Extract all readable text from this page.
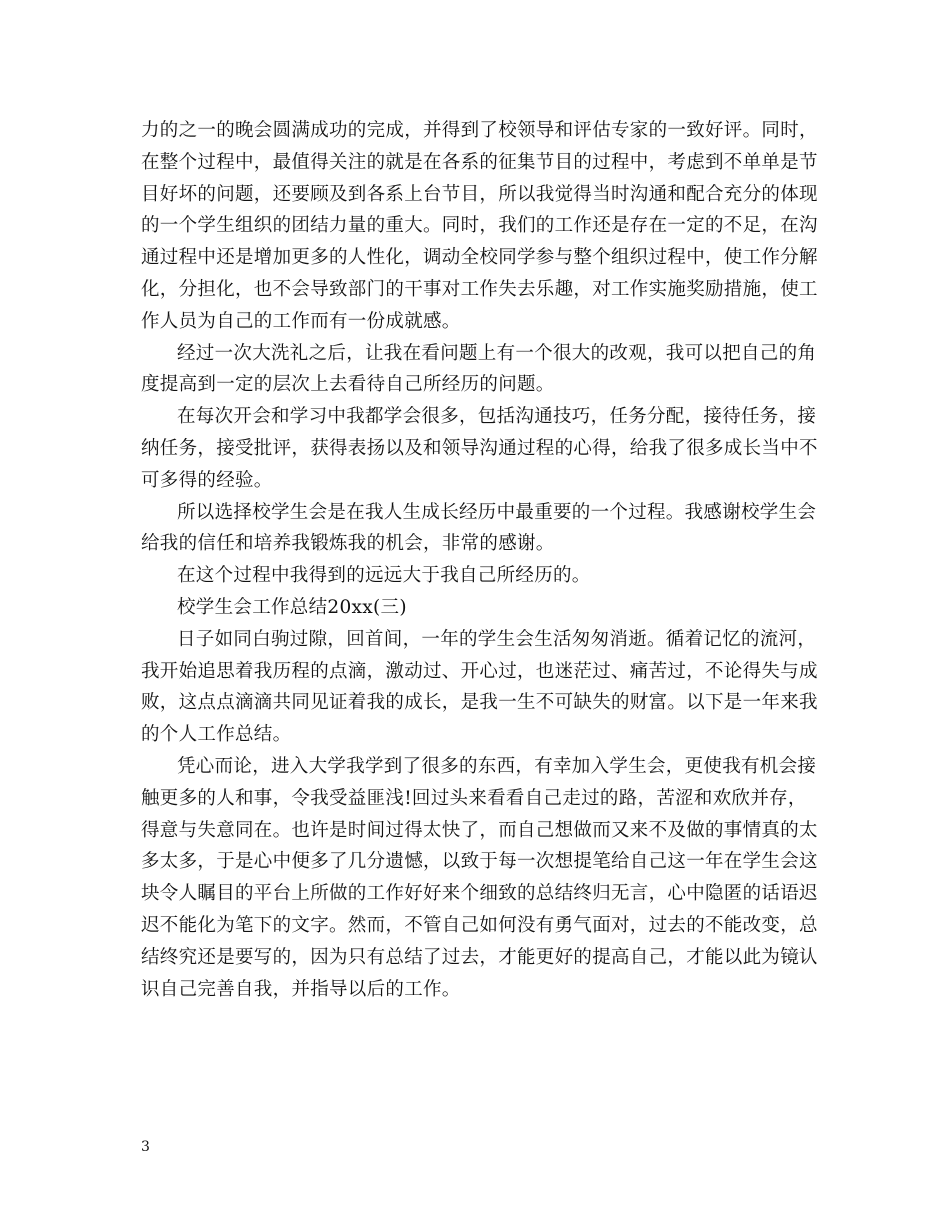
力的之一的晚会圆满成功的完成，并得到了校领导和评估专家的一致好评。同时，
在整个过程中，最值得关注的就是在各系的征集节目的过程中，考虑到不单单是节
目好坏的问题，还要顾及到各系上台节目，所以我觉得当时沟通和配合充分的体现
的一个学生组织的团结力量的重大。同时，我们的工作还是存在一定的不足，在沟
通过程中还是增加更多的人性化，调动全校同学参与整个组织过程中，使工作分解
化，分担化，也不会导致部门的干事对工作失去乐趣，对工作实施奖励措施，使工
作人员为自己的工作而有一份成就感。
经过一次大洗礼之后，让我在看问题上有一个很大的改观，我可以把自己的角
度提高到一定的层次上去看待自己所经历的问题。
在每次开会和学习中我都学会很多，包括沟通技巧，任务分配，接待任务，接
纳任务，接受批评，获得表扬以及和领导沟通过程的心得，给我了很多成长当中不
可多得的经验。
所以选择校学生会是在我人生成长经历中最重要的一个过程。我感谢校学生会
给我的信任和培养我锻炼我的机会，非常的感谢。
在这个过程中我得到的远远大于我自己所经历的。
校学生会工作总结20xx(三)
日子如同白驹过隙，回首间，一年的学生会生活匆匆消逝。循着记忆的流河，
我开始追思着我历程的点滴，激动过、开心过，也迷茫过、痛苦过，不论得失与成
败，这点点滴滴共同见证着我的成长，是我一生不可缺失的财富。以下是一年来我
的个人工作总结。
凭心而论，进入大学我学到了很多的东西，有幸加入学生会，更使我有机会接
触更多的人和事，令我受益匪浅!回过头来看看自己走过的路，苦涩和欢欣并存，
得意与失意同在。也许是时间过得太快了，而自己想做而又来不及做的事情真的太
多太多，于是心中便多了几分遗憾，以致于每一次想提笔给自己这一年在学生会这
块令人瞩目的平台上所做的工作好好来个细致的总结终归无言，心中隐匿的话语迟
迟不能化为笔下的文字。然而，不管自己如何没有勇气面对，过去的不能改变，总
结终究还是要写的，因为只有总结了过去，才能更好的提高自己，才能以此为镜认
识自己完善自我，并指导以后的工作。
3
